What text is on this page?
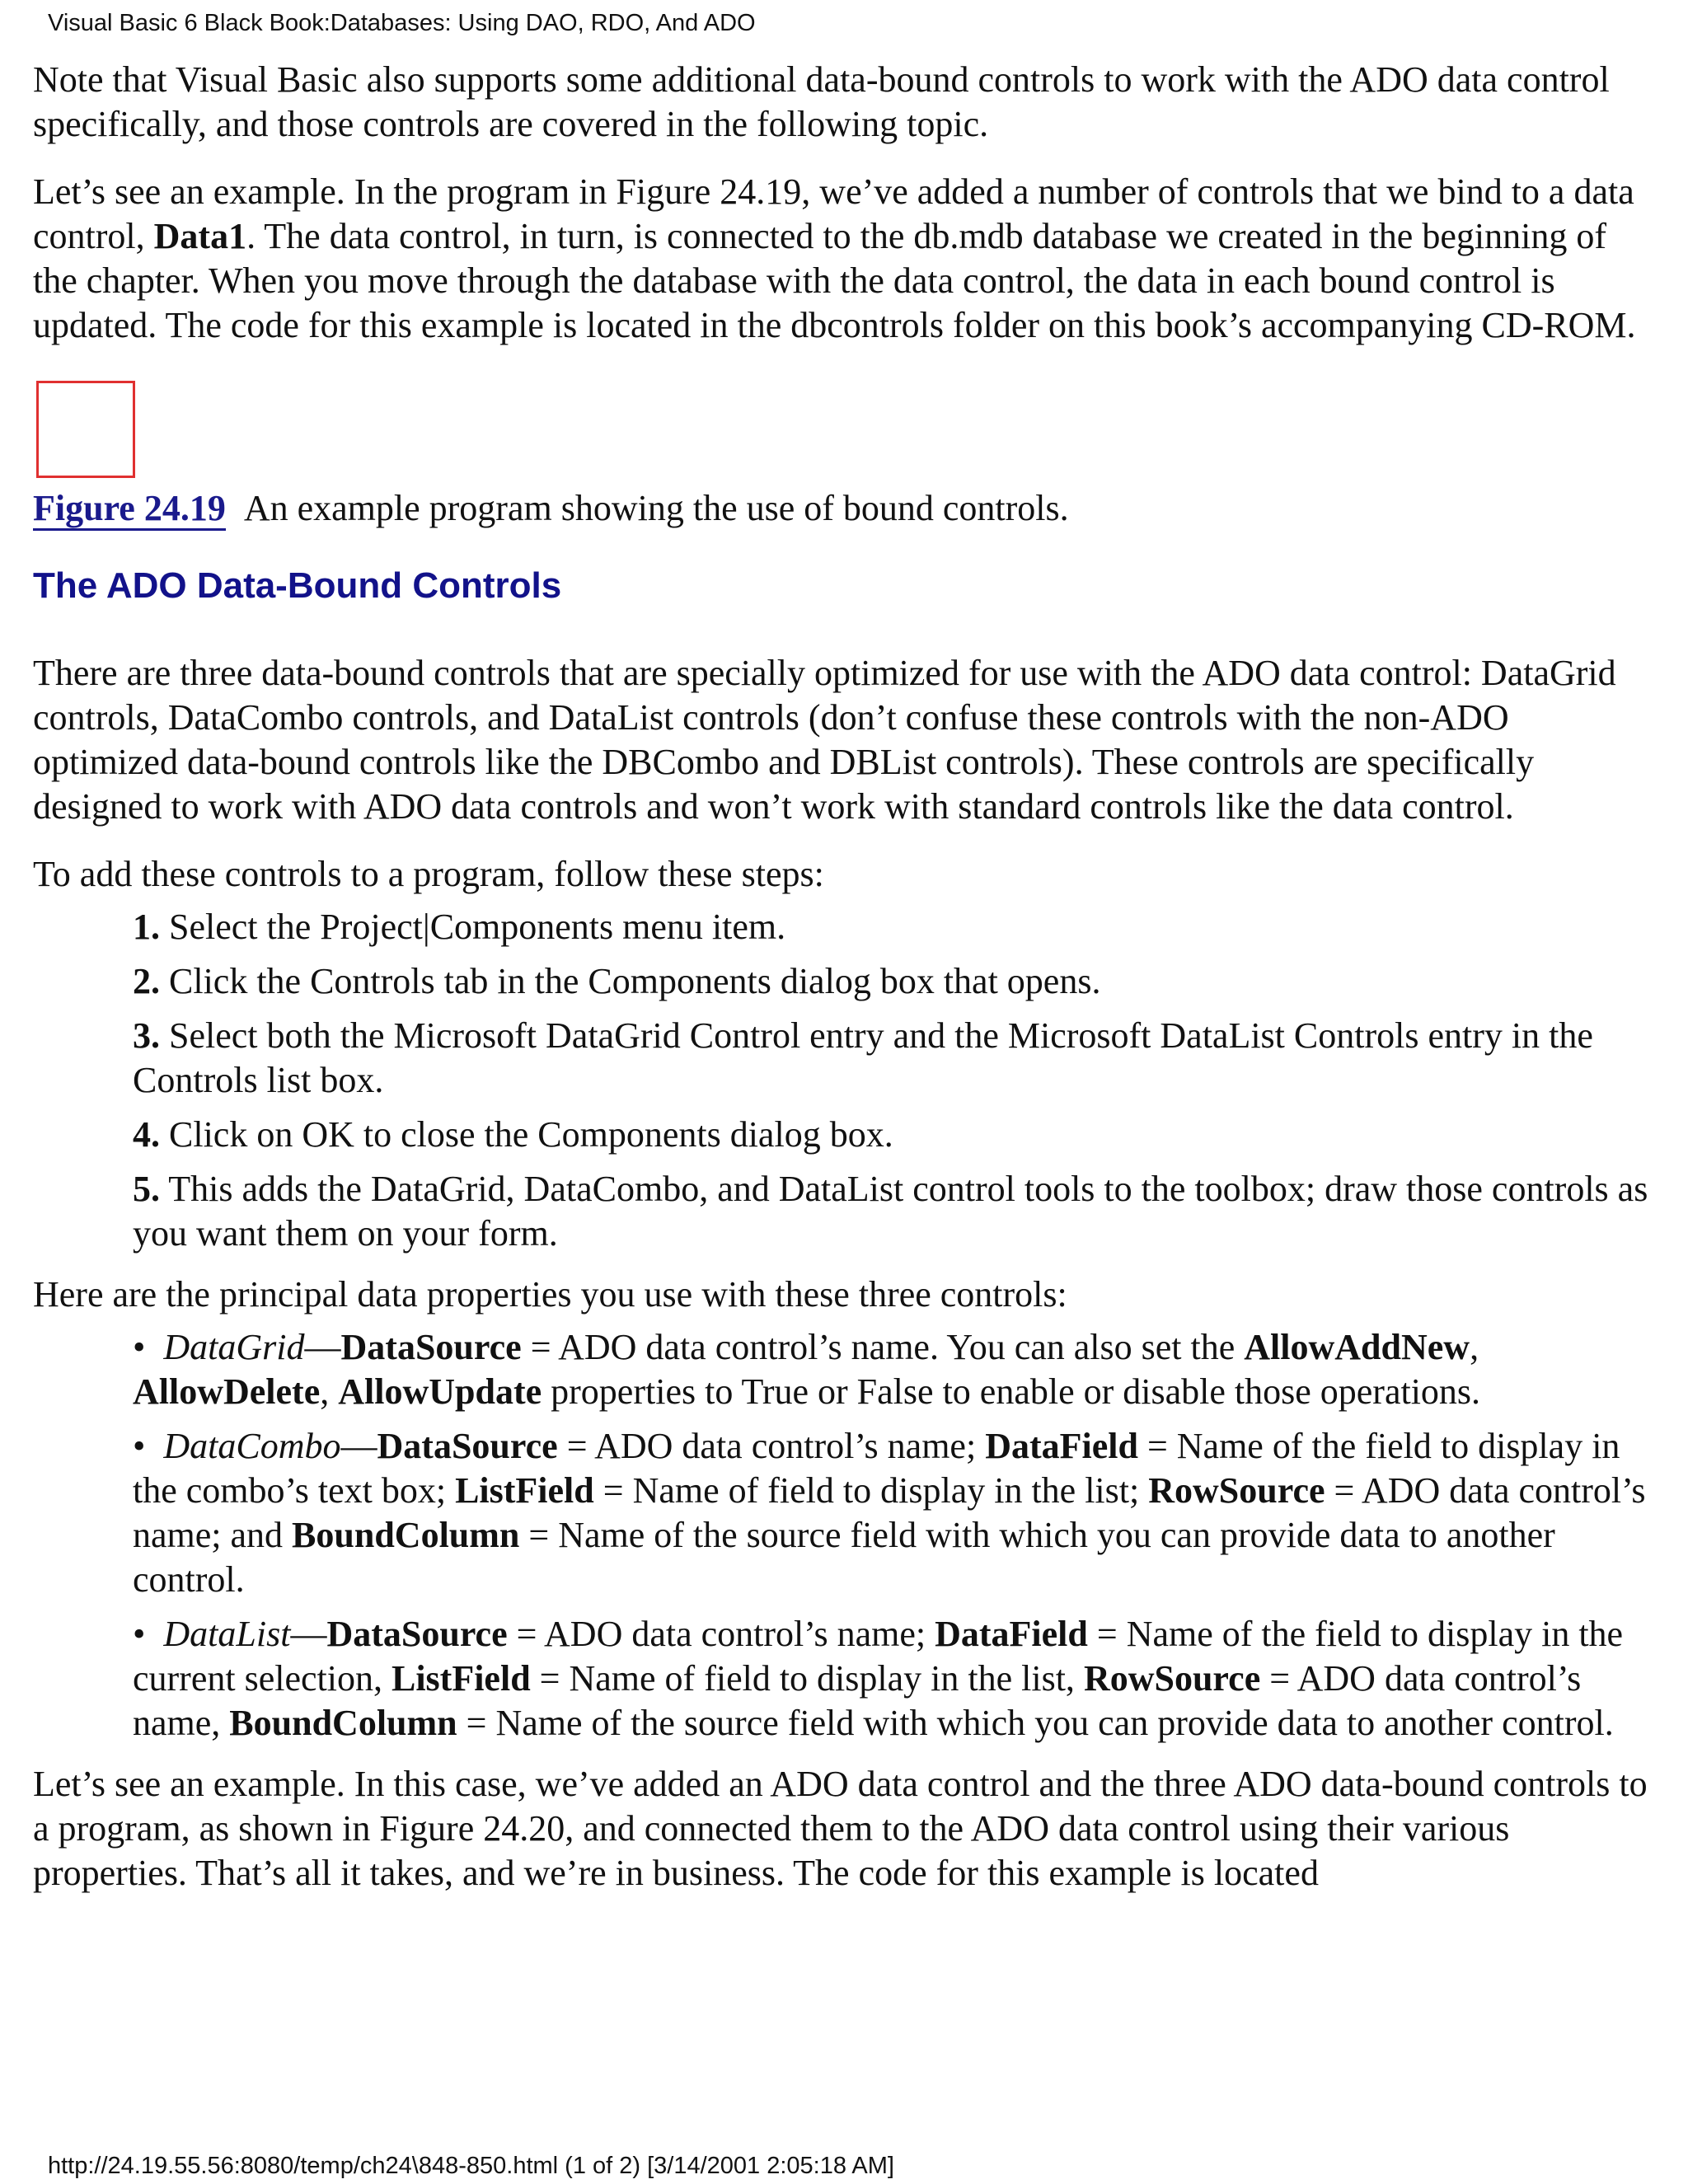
Visual Basic 6 Black Book:Databases: Using DAO, RDO, And ADO

Note that Visual Basic also supports some additional data-bound controls to work with the ADO data control specifically, and those controls are covered in the following topic.

Let’s see an example. In the program in Figure 24.19, we’ve added a number of controls that we bind to a data control, Data1. The data control, in turn, is connected to the db.mdb database we created in the beginning of the chapter. When you move through the database with the data control, the data in each bound control is updated. The code for this example is located in the dbcontrols folder on this book’s accompanying CD-ROM.

Figure 24.19 An example program showing the use of bound controls.

The ADO Data-Bound Controls

There are three data-bound controls that are specially optimized for use with the ADO data control: DataGrid controls, DataCombo controls, and DataList controls (don’t confuse these controls with the non-ADO optimized data-bound controls like the DBCombo and DBList controls). These controls are specifically designed to work with ADO data controls and won’t work with standard controls like the data control.

To add these controls to a program, follow these steps:

1. Select the Project|Components menu item.
2. Click the Controls tab in the Components dialog box that opens.
3. Select both the Microsoft DataGrid Control entry and the Microsoft DataList Controls entry in the Controls list box.
4. Click on OK to close the Components dialog box.
5. This adds the DataGrid, DataCombo, and DataList control tools to the toolbox; draw those controls as you want them on your form.

Here are the principal data properties you use with these three controls:

• DataGrid—DataSource = ADO data control’s name. You can also set the AllowAddNew, AllowDelete, AllowUpdate properties to True or False to enable or disable those operations.
• DataCombo—DataSource = ADO data control’s name; DataField = Name of the field to display in the combo’s text box; ListField = Name of field to display in the list; RowSource = ADO data control’s name; and BoundColumn = Name of the source field with which you can provide data to another control.
• DataList—DataSource = ADO data control’s name; DataField = Name of the field to display in the current selection, ListField = Name of field to display in the list, RowSource = ADO data control’s name, BoundColumn = Name of the source field with which you can provide data to another control.

Let’s see an example. In this case, we’ve added an ADO data control and the three ADO data-bound controls to a program, as shown in Figure 24.20, and connected them to the ADO data control using their various properties. That’s all it takes, and we’re in business. The code for this example is located

http://24.19.55.56:8080/temp/ch24\848-850.html (1 of 2) [3/14/2001 2:05:18 AM]
